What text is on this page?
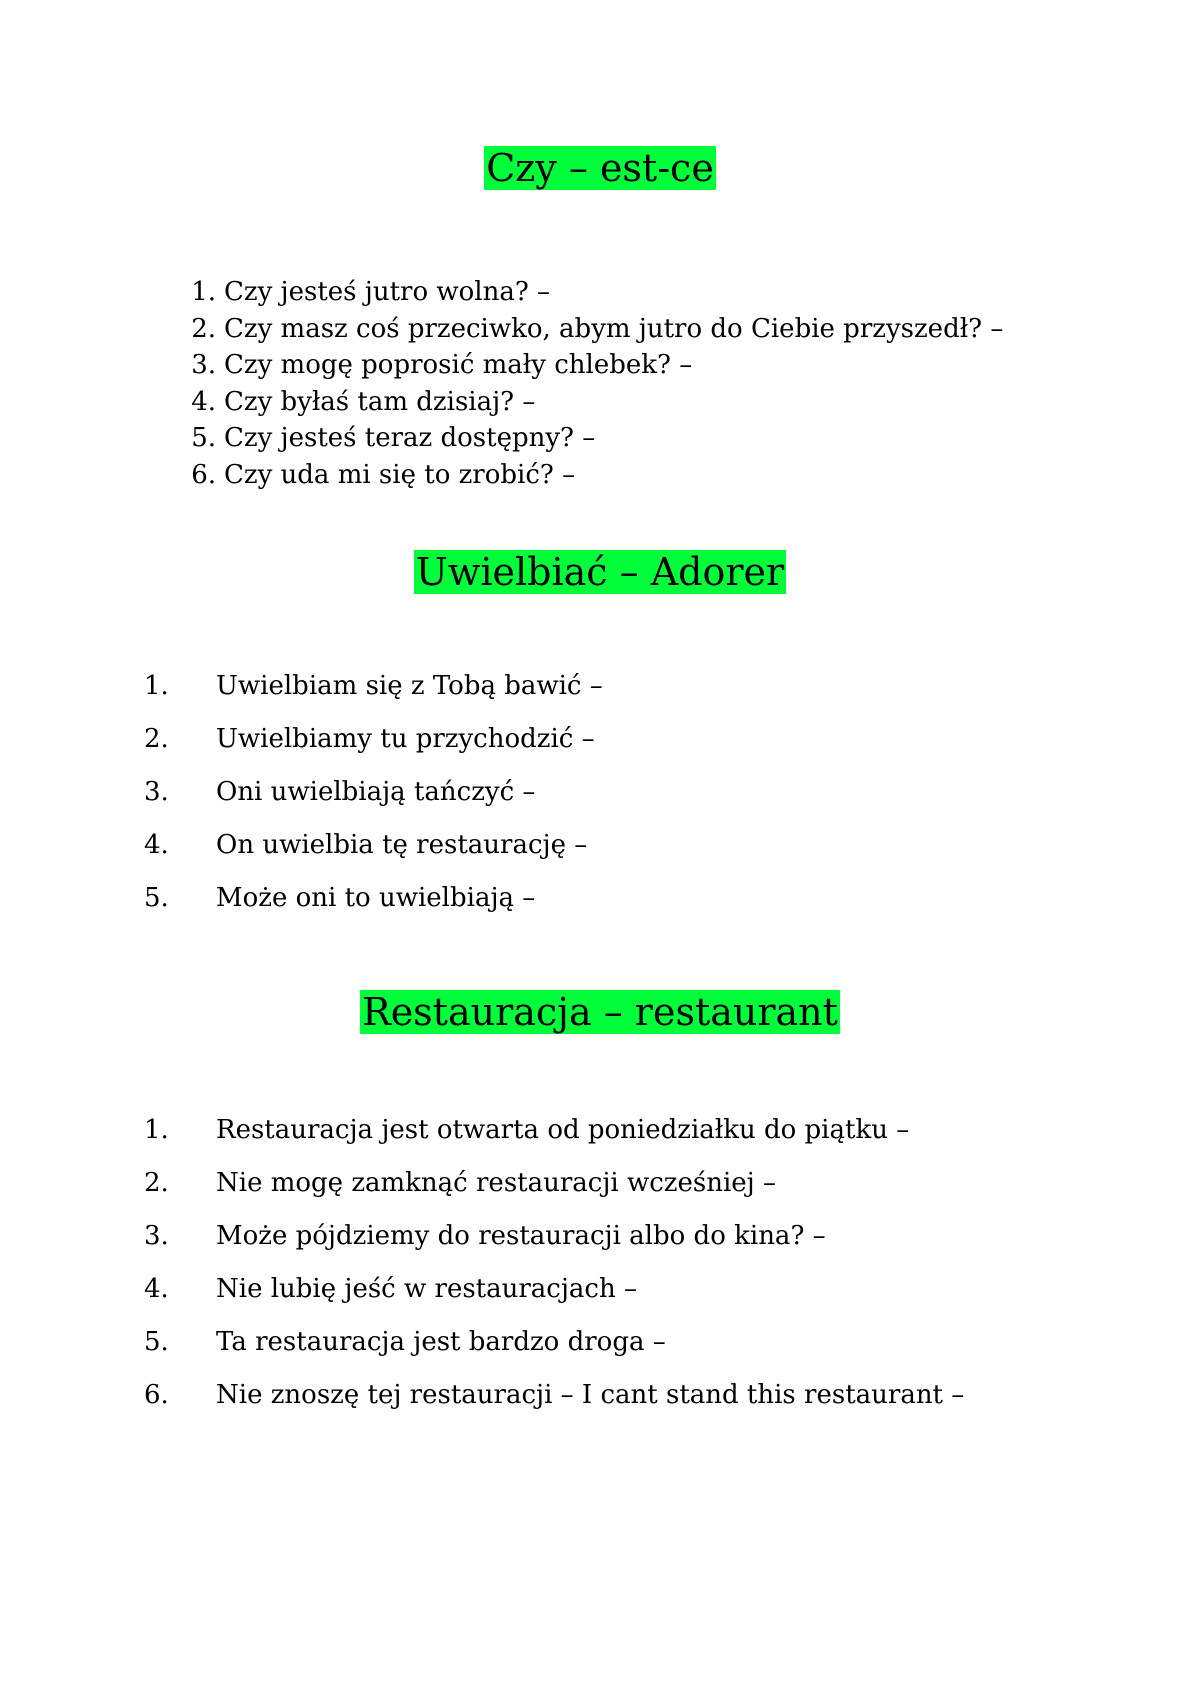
Czy – est-ce
1. Czy jesteś jutro wolna? –
2. Czy masz coś przeciwko, abym jutro do Ciebie przyszedł? –
3. Czy mogę poprosić mały chlebek? –
4. Czy byłaś tam dzisiaj? –
5. Czy jesteś teraz dostępny? –
6. Czy uda mi się to zrobić? –
Uwielbiać – Adorer
1. Uwielbiam się z Tobą bawić –
2. Uwielbiamy tu przychodzić –
3. Oni uwielbiają tańczyć –
4. On uwielbia tę restaurację –
5. Może oni to uwielbiają –
Restauracja – restaurant
1. Restauracja jest otwarta od poniedziałku do piątku –
2. Nie mogę zamknąć restauracji wcześniej –
3. Może pójdziemy do restauracji albo do kina? –
4. Nie lubię jeść w restauracjach –
5. Ta restauracja jest bardzo droga –
6. Nie znoszę tej restauracji – I cant stand this restaurant –
